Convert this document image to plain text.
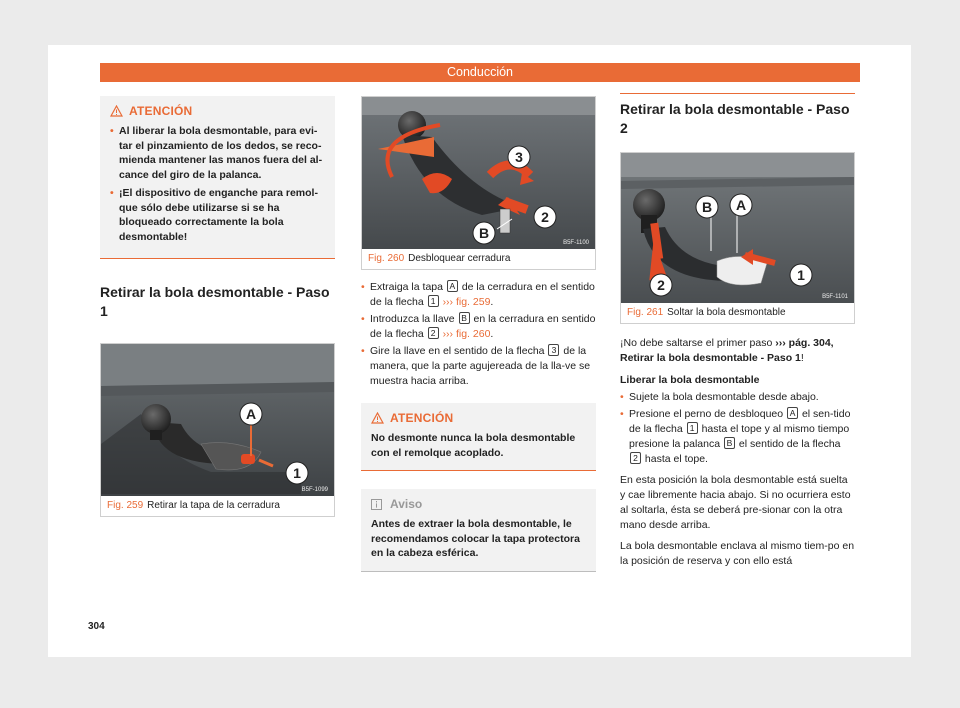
Conducción
ATENCIÓN
• Al liberar la bola desmontable, para evi-tar el pinzamiento de los dedos, se reco-mienda mantener las manos fuera del al-cance del giro de la palanca.
• ¡El dispositivo de enganche para remol-que sólo debe utilizarse si se ha bloqueado correctamente la bola desmontable!
Retirar la bola desmontable - Paso 1
A
1
B5F-1099
Fig. 259 Retirar la tapa de la cerradura
3
2
B
B5F-1100
Fig. 260 Desbloquear cerradura
• Extraiga la tapa A de la cerradura en el sentido de la flecha 1 ››› fig. 259.
• Introduzca la llave B en la cerradura en sentido de la flecha 2 ››› fig. 260.
• Gire la llave en el sentido de la flecha 3 de la manera, que la parte agujereada de la lla-ve se muestra hacia arriba.
ATENCIÓN

No desmonte nunca la bola desmontable con el remolque acoplado.

Aviso

Antes de extraer la bola desmontable, le recomendamos colocar la tapa protectora en la cabeza esférica.

Retirar la bola desmontable - Paso 2
B A
2
1
B5F-1101
Fig. 261 Soltar la bola desmontable
¡No debe saltarse el primer paso ››› pág. 304, Retirar la bola desmontable - Paso 1!
Liberar la bola desmontable
• Sujete la bola desmontable desde abajo.
• Presione el perno de desbloqueo A el sen-tido de la flecha 1 hasta el tope y al mismo tiempo presione la palanca B el sentido de la flecha 2 hasta el tope.

En esta posición la bola desmontable está suelta y cae libremente hacia abajo. Si no ocurriera esto al soltarla, ésta se deberá pre-sionar con la otra mano desde arriba.

La bola desmontable enclava al mismo tiem-po en la posición de reserva y con ello está

304
